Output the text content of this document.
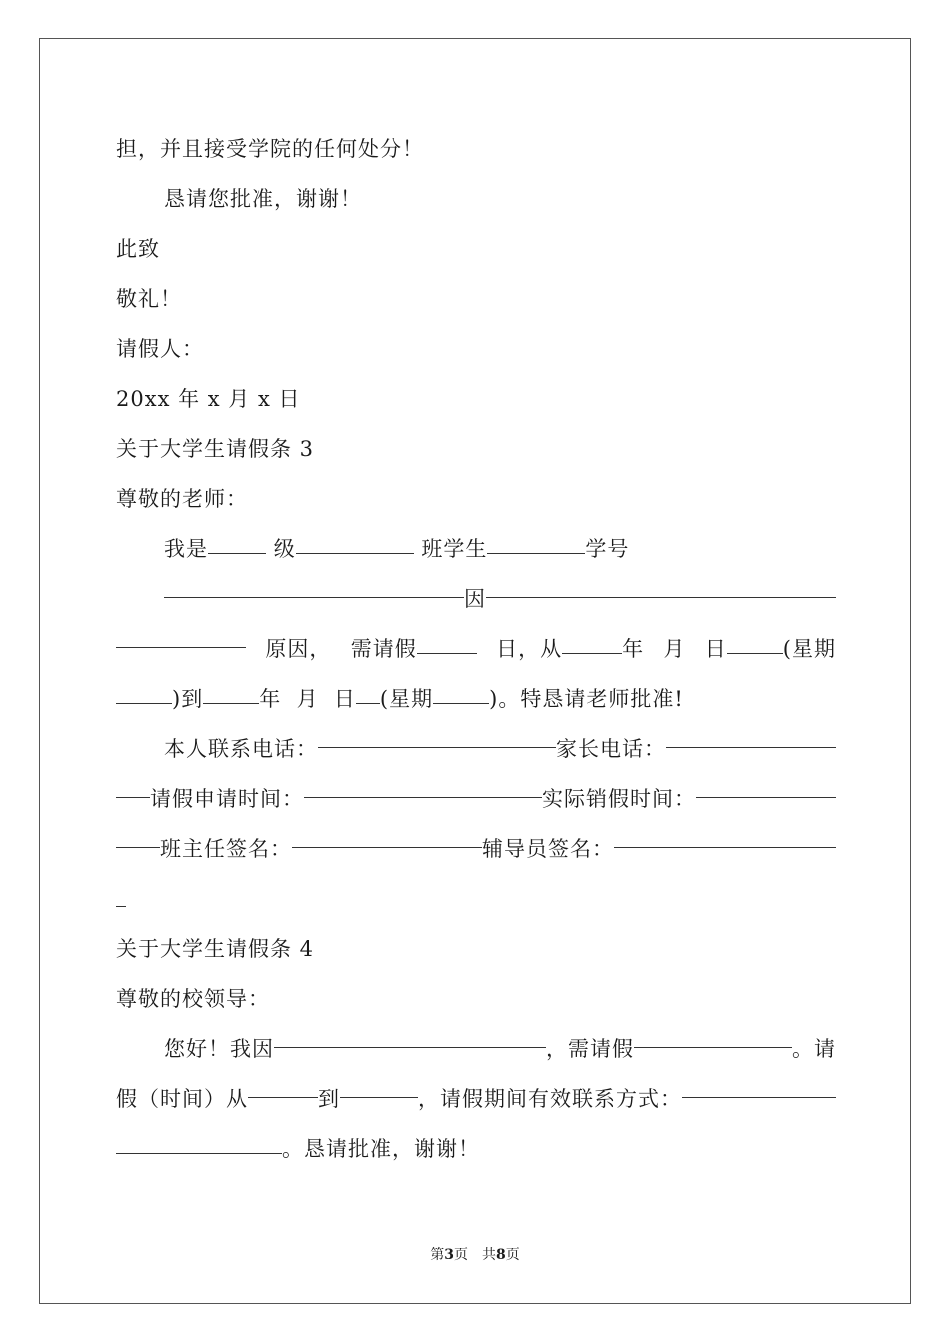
担，并且接受学院的任何处分！
恳请您批准，谢谢！
此致
敬礼！
请假人：
20xx 年 x 月 x 日
关于大学生请假条 3
尊敬的老师：
我是	级	班学生	学号
因
原因， 需请假	日，从	年 月 日	(星期
)到	年 月 日 (星期	)。特恳请老师批准!
本人联系电话：	家长电话：
请假申请时间：	实际销假时间：
班主任签名：	辅导员签名：
关于大学生请假条 4
尊敬的校领导：
您好！我因	，需请假	。请
假（时间）从	到	，请假期间有效联系方式：
。恳请批准，谢谢！
第3页 共8页
